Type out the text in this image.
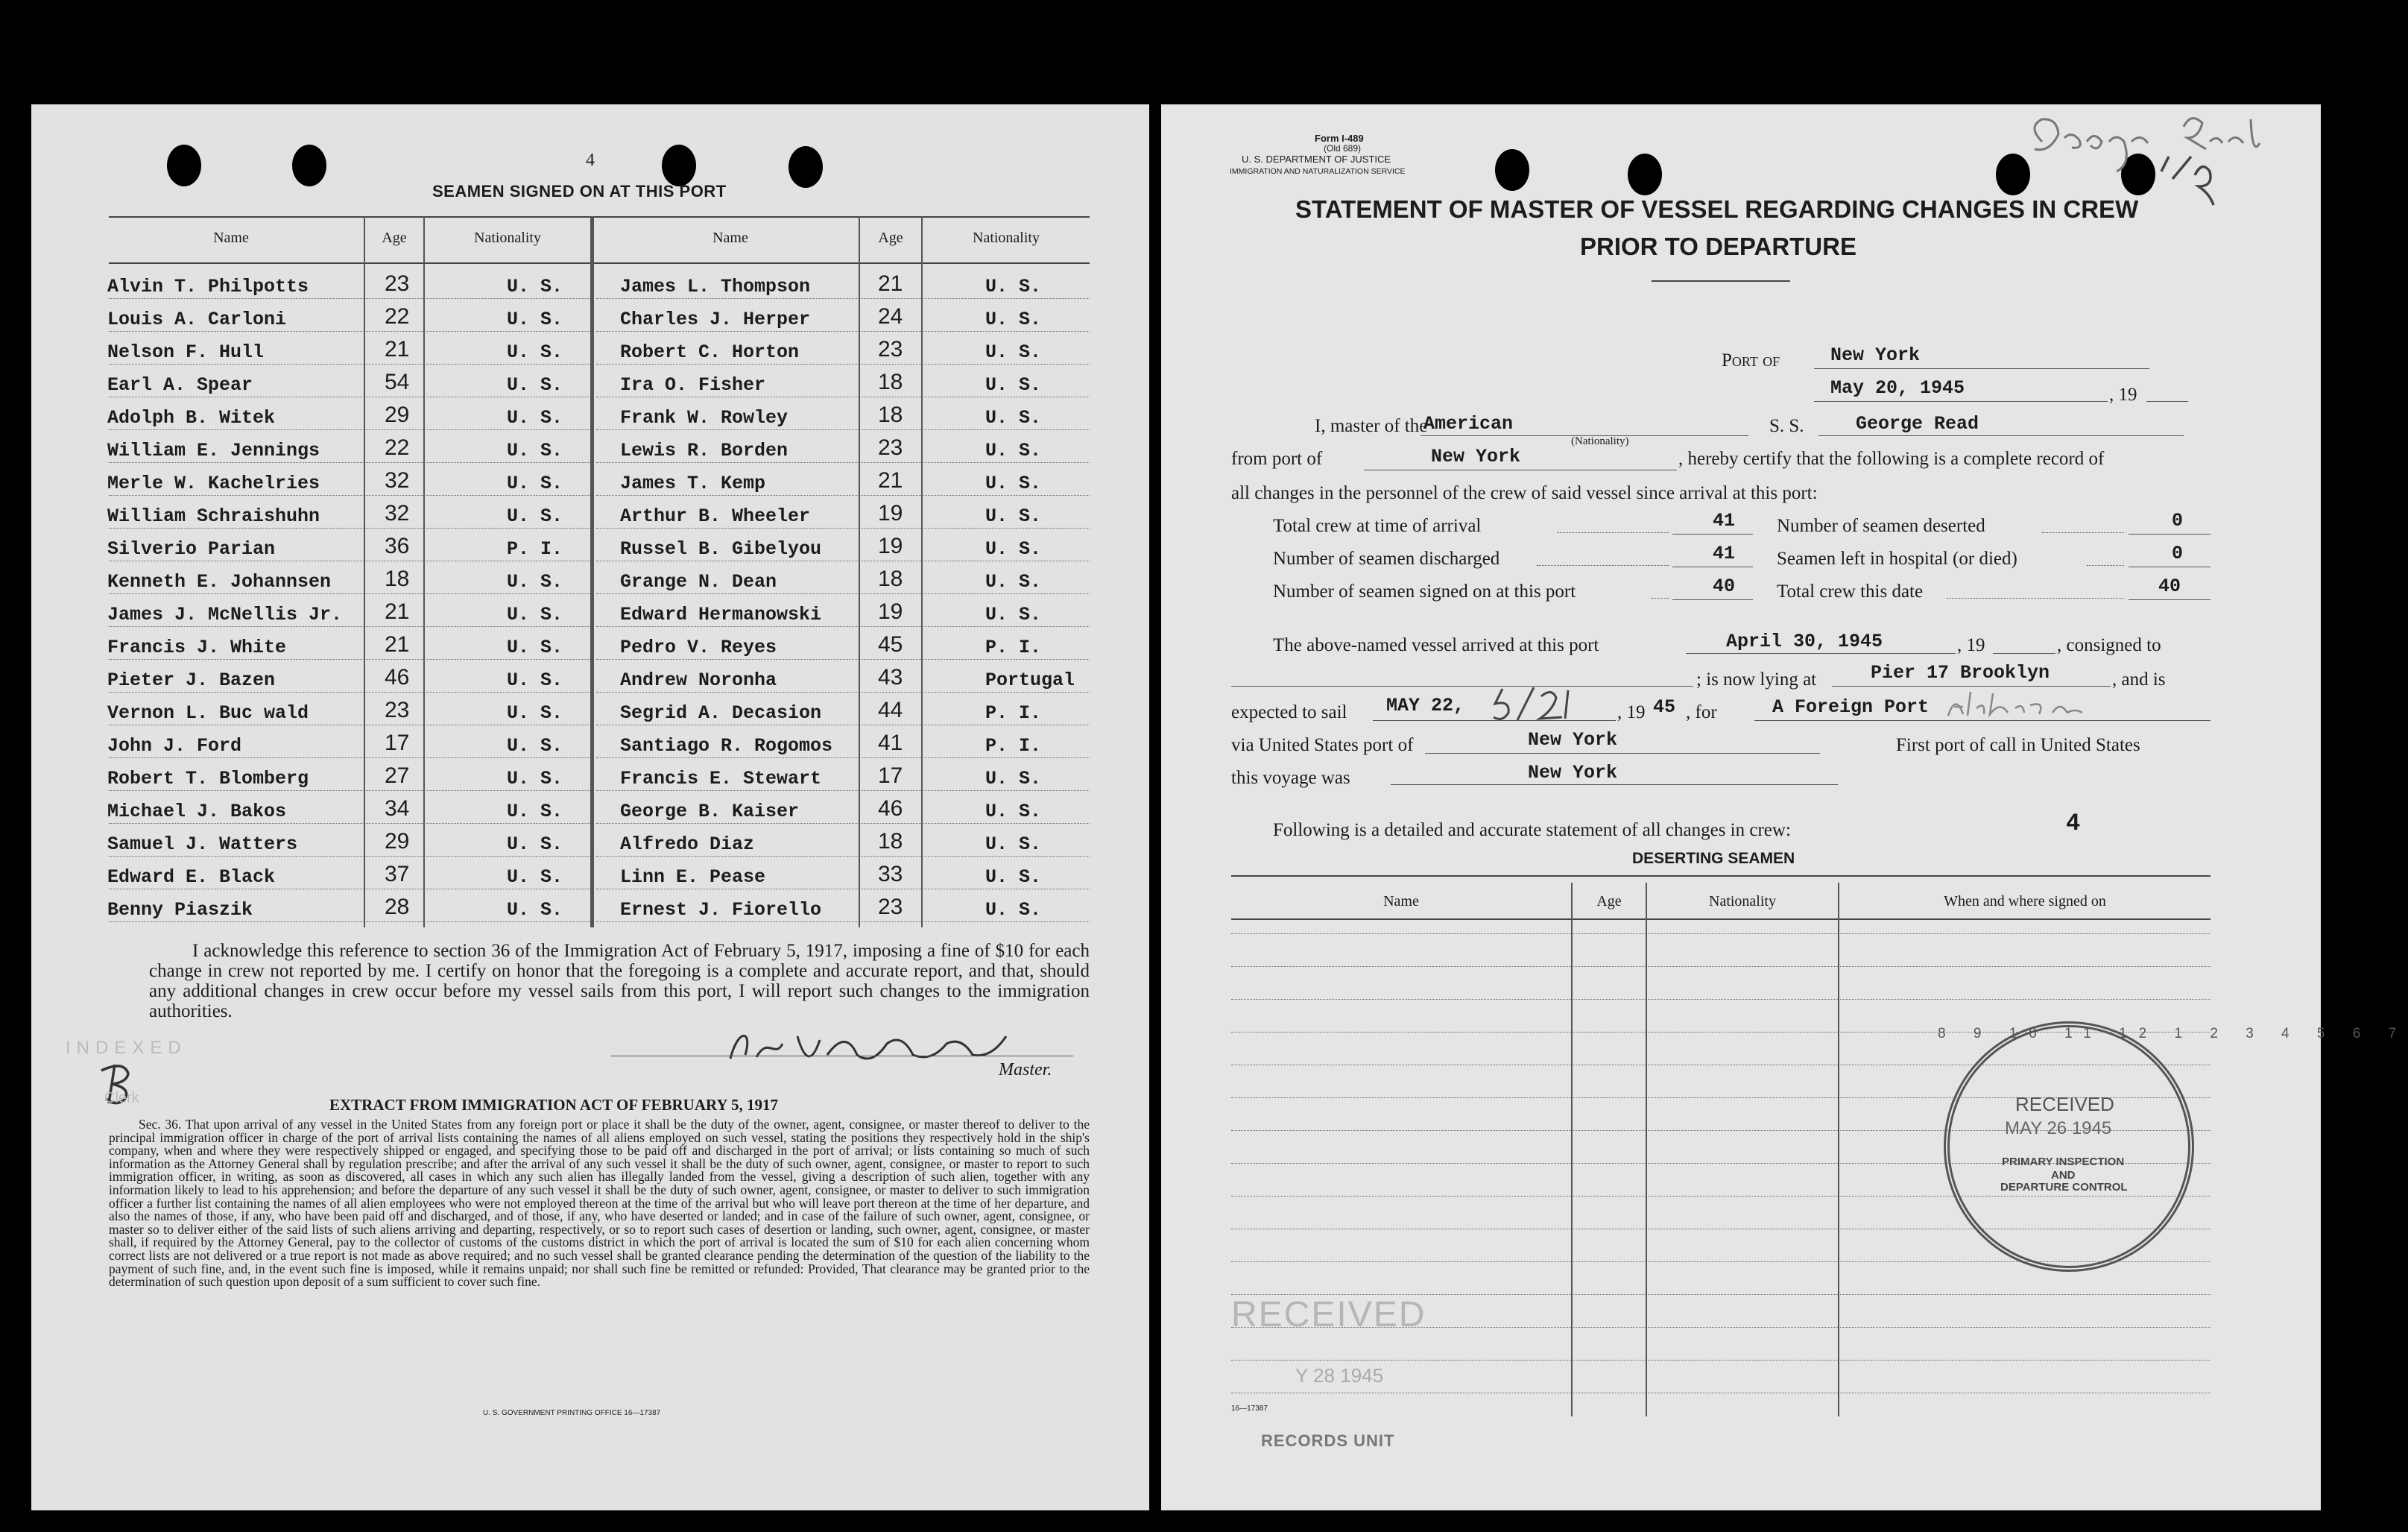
4
SEAMEN SIGNED ON AT THIS PORT
Name	Age	Nationality	Name	Age	Nationality
Alvin T. Philpotts	23	U. S.
Louis A. Carloni	22	U. S.
Nelson F. Hull	21	U. S.
Earl A. Spear	54	U. S.
Adolph B. Witek	29	U. S.
William E. Jennings	22	U. S.
Merle W. Kachelries	32	U. S.
William Schraishuhn	32	U. S.
Silverio Parian	36	P. I.
Kenneth E. Johannsen 18	U. S.
James J. McNellis Jr. 21	U. S.
Francis J. White	21	U. S.
Pieter J. Bazen	46	U. S.
Vernon L. Buc wald	23	U. S.
John J. Ford	17	U. S.
Robert T. Blomberg	27	U. S.
Michael J. Bakos	34	U. S.
Samuel J. Watters	29	U. S.
Edward E. Black	37	U. S.
Benny Piaszik	28	U. S.
James L. Thompson	21	U. S.
Charles J. Herper	24	U. S.
Robert C. Horton	23	U. S.
Ira O. Fisher	18	U. S.
Frank W. Rowley	18	U. S.
Lewis R. Borden	23	U. S.
James T. Kemp	21	U. S.
Arthur B. Wheeler	19	U. S.
Russel B. Gibelyou	19	U. S.
Grange N. Dean	18	U. S.
Edward Hermanowski	19	U. S.
Pedro V. Reyes	45	P. I.
Andrew Noronha	43	Portugal
Segrid A. Decasion	44	P. I.
Santiago R. Rogomos 41	P. I.
Francis E. Stewart	17	U. S.
George B. Kaiser	46	U. S.
Alfredo Diaz	18	U. S.
Linn E. Pease	33	U. S.
Ernest J. Fiorello	23	U. S.
I acknowledge this reference to section 36 of the Immigration Act of February 5, 1917, imposing a fine of $10 for each change in crew not reported by me. I certify on honor that the foregoing is a complete and accurate report, and that, should any additional changes in crew occur before my vessel sails from this port, I will report such changes to the immigration authorities.
Master.
INDEXED
Clerk	EXTRACT FROM IMMIGRATION ACT OF FEBRUARY 5, 1917
Sec. 36. That upon arrival of any vessel in the United States from any foreign port or place it shall be the duty of the owner, agent, consignee, or master thereof to deliver to the principal immigration officer in charge of the port of arrival lists containing the names of all aliens employed on such vessel, stating the positions they respectively hold in the ship's company, when and where they were respectively shipped or engaged, and specifying those to be paid off and discharged in the port of arrival; or lists containing so much of such information as the Attorney General shall by regulation prescribe; and after the arrival of any such vessel it shall be the duty of such owner, agent, consignee, or master to report to such immigration officer, in writing, as soon as discovered, all cases in which any such alien has illegally landed from the vessel, giving a description of such alien, together with any information likely to lead to his apprehension; and before the departure of any such vessel it shall be the duty of such owner, agent, consignee, or master to deliver to such immigration officer a further list containing the names of all alien employees who were not employed thereon at the time of the arrival but who will leave port thereon at the time of her departure, and also the names of those, if any, who have been paid off and discharged, and of those, if any, who have deserted or landed; and in case of the failure of such owner, agent, consignee, or master so to deliver either of the said lists of such aliens arriving and departing, respectively, or so to report such cases of desertion or landing, such owner, agent, consignee, or master shall, if required by the Attorney General, pay to the collector of customs of the customs district in which the port of arrival is located the sum of $10 for each alien concerning whom correct lists are not delivered or a true report is not made as above required; and no such vessel shall be granted clearance pending the determination of the question of the liability to the payment of such fine, and, in the event such fine is imposed, while it remains unpaid; nor shall such fine be remitted or refunded: Provided, That clearance may be granted prior to the determination of such question upon deposit of a sum sufficient to cover such fine.
U. S. GOVERNMENT PRINTING OFFICE 16—17387
Form I-489
(Old 689)
U. S. DEPARTMENT OF JUSTICE
IMMIGRATION AND NATURALIZATION SERVICE
STATEMENT OF MASTER OF VESSEL REGARDING CHANGES IN CREW
PRIOR TO DEPARTURE
Port of	New York
May 20, 1945	, 19
I, master of the
American
(Nationality)
S. S.	George Read
from port of	New York	, hereby certify that the following is a complete record of
all changes in the personnel of the crew of said vessel since arrival at this port:
Total crew at time of arrival	41 Number of seamen deserted	0
Number of seamen discharged	41 Seamen left in hospital (or died)	0
Number of seamen signed on at this port	40 Total crew this date	40
The above-named vessel arrived at this port	April 30, 1945	, 19	, consigned to
; is now lying at	Pier 17 Brooklyn	, and is
expected to sail MAY 22,	, 19 45 , for	A Foreign Port
via United States port of	New York	First port of call in United States
this voyage was	New York
Following is a detailed and accurate statement of all changes in crew:	4
DESERTING SEAMEN
Name	Age	Nationality	When and where signed on
8 9 10 11 12 1 2 3 4 5 6 7
RECEIVED
MAY 26 1945
PRIMARY INSPECTION
AND
DEPARTURE CONTROL
RECEIVED
Y 28 1945
16—17387
RECORDS UNIT
